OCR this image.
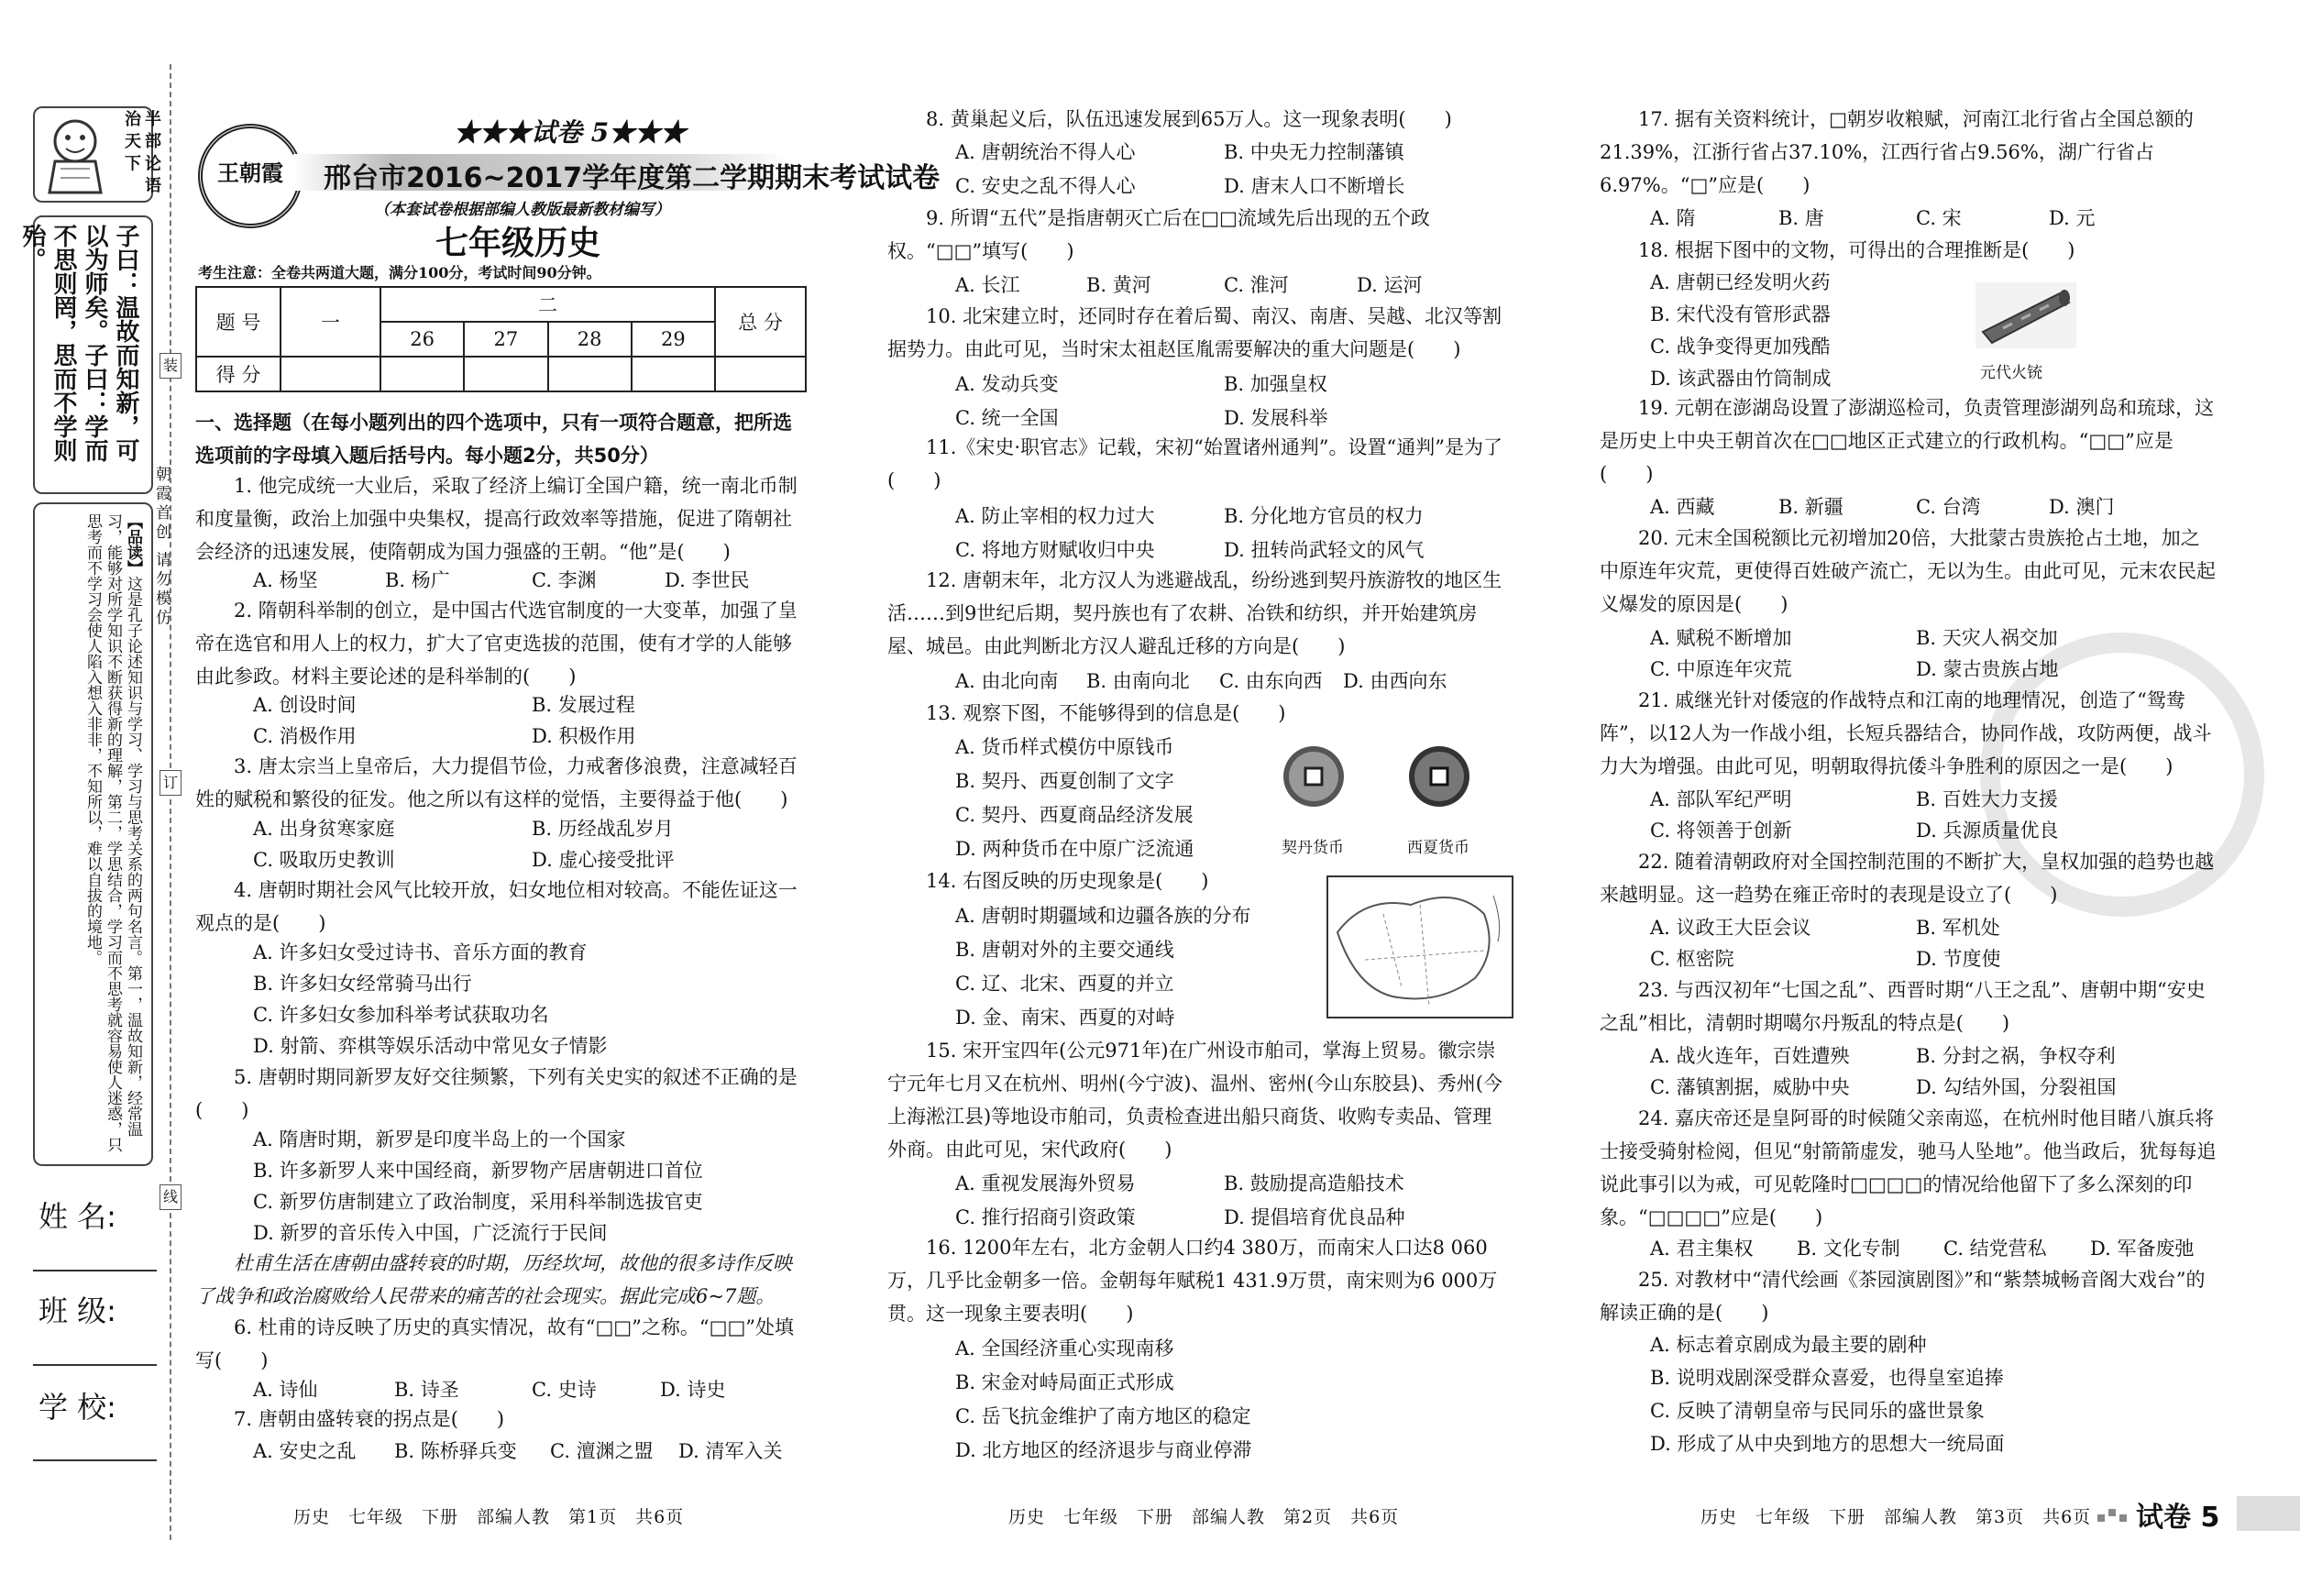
半 部 论 语 治 天 下
子曰：温故而知新，可以为师矣。子曰：学而不思则罔，思而不学则殆。
【品读】这是孔子论述知识与学习、学习与思考关系的两句名言。第一，温故知新，经常温习，能够对所学知识不断获得新的理解，第二，学思结合，学习而不思考就容易使人迷惑，只思考而不学习会使人陷入想入非非，不知所以，难以自拔的境地。	朝霞首创 请勿模仿
装
订
线
姓 名:
班 级:
学 校:
王朝霞
★★★试卷 5★★★
邢台市2016~2017学年度第二学期期末考试试卷
（本套试卷根据部编人教版最新教材编写）
七年级历史
考生注意：全卷共两道大题，满分100分，考试时间90分钟。
题 号	一	二				总 分
		26	27	28	29	
得 分						
一、选择题（在每小题列出的四个选项中，只有一项符合题意，把所选选项前的字母填入题后括号内。每小题2分，共50分）
1. 他完成统一大业后，采取了经济上编订全国户籍，统一南北币制和度量衡，政治上加强中央集权，提高行政效率等措施，促进了隋朝社会经济的迅速发展，使隋朝成为国力强盛的王朝。“他”是(　　)
A. 杨坚	B. 杨广	C. 李渊	D. 李世民
2. 隋朝科举制的创立，是中国古代选官制度的一大变革，加强了皇帝在选官和用人上的权力，扩大了官吏选拔的范围，使有才学的人能够由此参政。材料主要论述的是科举制的(　　)
A. 创设时间	B. 发展过程
C. 消极作用	D. 积极作用
3. 唐太宗当上皇帝后，大力提倡节俭，力戒奢侈浪费，注意减轻百姓的赋税和繁役的征发。他之所以有这样的觉悟，主要得益于他(　　)
A. 出身贫寒家庭	B. 历经战乱岁月
C. 吸取历史教训	D. 虚心接受批评
4. 唐朝时期社会风气比较开放，妇女地位相对较高。不能佐证这一观点的是(　　)
A. 许多妇女受过诗书、音乐方面的教育
B. 许多妇女经常骑马出行
C. 许多妇女参加科举考试获取功名
D. 射箭、弈棋等娱乐活动中常见女子情影
5. 唐朝时期同新罗友好交往频繁，下列有关史实的叙述不正确的是(　　)
A. 隋唐时期，新罗是印度半岛上的一个国家
B. 许多新罗人来中国经商，新罗物产居唐朝进口首位
C. 新罗仿唐制建立了政治制度，采用科举制选拔官吏
D. 新罗的音乐传入中国，广泛流行于民间
杜甫生活在唐朝由盛转衰的时期，历经坎坷，故他的很多诗作反映了战争和政治腐败给人民带来的痛苦的社会现实。据此完成6~7题。
6. 杜甫的诗反映了历史的真实情况，故有“□□”之称。“□□”处填写(　　)
A. 诗仙	B. 诗圣	C. 史诗	D. 诗史
7. 唐朝由盛转衰的拐点是(　　)
A. 安史之乱 B. 陈桥驿兵变 C. 澶渊之盟 D. 清军入关
8. 黄巢起义后，队伍迅速发展到65万人。这一现象表明(　　)
A. 唐朝统治不得人心	B. 中央无力控制藩镇
C. 安史之乱不得人心	D. 唐末人口不断增长
9. 所谓“五代”是指唐朝灭亡后在□□流域先后出现的五个政权。“□□”填写(　　)
A. 长江	B. 黄河	C. 淮河	D. 运河
10. 北宋建立时，还同时存在着后蜀、南汉、南唐、吴越、北汉等割据势力。由此可见，当时宋太祖赵匡胤需要解决的重大问题是(　　)
A. 发动兵变	B. 加强皇权
C. 统一全国	D. 发展科举
11.《宋史·职官志》记载，宋初“始置诸州通判”。设置“通判”是为了(　　)
A. 防止宰相的权力过大	B. 分化地方官员的权力
C. 将地方财赋收归中央	D. 扭转尚武轻文的风气
12. 唐朝末年，北方汉人为逃避战乱，纷纷逃到契丹族游牧的地区生活……到9世纪后期，契丹族也有了农耕、冶铁和纺织，并开始建筑房屋、城邑。由此判断北方汉人避乱迁移的方向是(　　)
A. 由北向南 B. 由南向北 C. 由东向西 D. 由西向东
13. 观察下图，不能够得到的信息是(　　)
A. 货币样式模仿中原钱币
B. 契丹、西夏创制了文字
C. 契丹、西夏商品经济发展
D. 两种货币在中原广泛流通	契丹货币	西夏货币
14. 右图反映的历史现象是(　　)
A. 唐朝时期疆域和边疆各族的分布
B. 唐朝对外的主要交通线
C. 辽、北宋、西夏的并立
D. 金、南宋、西夏的对峙
15. 宋开宝四年(公元971年)在广州设市舶司，掌海上贸易。徽宗崇宁元年七月又在杭州、明州(今宁波)、温州、密州(今山东胶县)、秀州(今上海淞江县)等地设市舶司，负责检查进出船只商货、收购专卖品、管理外商。由此可见，宋代政府(　　)
A. 重视发展海外贸易	B. 鼓励提高造船技术
C. 推行招商引资政策	D. 提倡培育优良品种
16. 1200年左右，北方金朝人口约4 380万，而南宋人口达8 060万，几乎比金朝多一倍。金朝每年赋税1 431.9万贯，南宋则为6 000万贯。这一现象主要表明(　　)
A. 全国经济重心实现南移
B. 宋金对峙局面正式形成
C. 岳飞抗金维护了南方地区的稳定
D. 北方地区的经济退步与商业停滞
17. 据有关资料统计，□朝岁收粮赋，河南江北行省占全国总额的21.39%，江浙行省占37.10%，江西行省占9.56%，湖广行省占6.97%。“□”应是(　　)
A. 隋	B. 唐	C. 宋	D. 元
18. 根据下图中的文物，可得出的合理推断是(　　)
A. 唐朝已经发明火药
B. 宋代没有管形武器
C. 战争变得更加残酷
D. 该武器由竹筒制成	元代火铳
19. 元朝在澎湖岛设置了澎湖巡检司，负责管理澎湖列岛和琉球，这是历史上中央王朝首次在□□地区正式建立的行政机构。“□□”应是(　　)
A. 西藏	B. 新疆	C. 台湾	D. 澳门
20. 元末全国税额比元初增加20倍，大批蒙古贵族抢占土地，加之中原连年灾荒，更使得百姓破产流亡，无以为生。由此可见，元末农民起义爆发的原因是(　　)
A. 赋税不断增加	B. 天灾人祸交加
C. 中原连年灾荒	D. 蒙古贵族占地
21. 戚继光针对倭寇的作战特点和江南的地理情况，创造了“鸳鸯阵”，以12人为一作战小组，长短兵器结合，协同作战，攻防两便，战斗力大为增强。由此可见，明朝取得抗倭斗争胜利的原因之一是(　　)
A. 部队军纪严明	B. 百姓大力支援
C. 将领善于创新	D. 兵源质量优良
22. 随着清朝政府对全国控制范围的不断扩大，皇权加强的趋势也越来越明显。这一趋势在雍正帝时的表现是设立了(　　)
A. 议政王大臣会议	B. 军机处
C. 枢密院	D. 节度使
23. 与西汉初年“七国之乱”、西晋时期“八王之乱”、唐朝中期“安史之乱”相比，清朝时期噶尔丹叛乱的特点是(　　)
A. 战火连年，百姓遭殃	B. 分封之祸，争权夺利
C. 藩镇割据，威胁中央	D. 勾结外国，分裂祖国
24. 嘉庆帝还是皇阿哥的时候随父亲南巡，在杭州时他目睹八旗兵将士接受骑射检阅，但见“射箭箭虚发，驰马人坠地”。他当政后，犹每每追说此事引以为戒，可见乾隆时□□□□的情况给他留下了多么深刻的印象。“□□□□”应是(　　)
A. 君主集权 B. 文化专制 C. 结党营私 D. 军备废弛
25. 对教材中“清代绘画《茶园演剧图》”和“紫禁城畅音阁大戏台”的解读正确的是(　　)
A. 标志着京剧成为最主要的剧种
B. 说明戏剧深受群众喜爱，也得皇室追捧
C. 反映了清朝皇帝与民同乐的盛世景象
D. 形成了从中央到地方的思想大一统局面
历史　七年级　下册　部编人教　第1页　共6页	历史　七年级　下册　部编人教　第2页　共6页	历史　七年级　下册　部编人教　第3页　共6页 试卷 5
